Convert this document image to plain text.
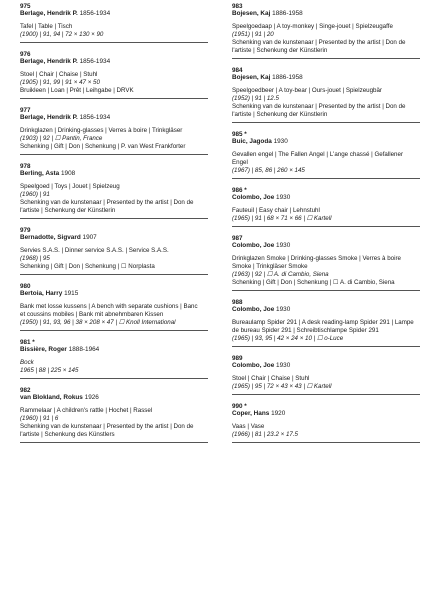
975
Berlage, Hendrik P. 1856-1934
Tafel | Table | Tisch
(1900) | 91, 94 | 72 × 130 × 90
976
Berlage, Hendrik P. 1856-1934
Stoel | Chair | Chaise | Stuhl
(1905) | 91, 99 | 91 × 47 × 50
Bruikleen | Loan | Prêt | Leihgabe | DRVK
977
Berlage, Hendrik P. 1856-1934
Drinkglazen | Drinking-glasses | Verres à boire | Trinkgläser
(1903) | 92 | ☐ Pantin, France
Schenking | Gift | Don | Schenkung | P. van West Frankforter
978
Berling, Asta 1908
Speelgoed | Toys | Jouet | Spielzeug
(1960) | 91
Schenking van de kunstenaar | Presented by the artist | Don de
l'artiste | Schenkung der Künstlerin
979
Bernadotte, Sigvard 1907
Servies S.A.S. | Dinner service S.A.S. | Service S.A.S.
(1968) | 95
Schenking | Gift | Don | Schenkung | ☐ Norplasta
980
Bertoia, Harry 1915
Bank met losse kussens | A bench with separate cushions | Banc
et coussins mobiles | Bank mit abnehmbaren Kissen
(1950) | 91, 93, 96 | 38 × 208 × 47 | ☐ Knoll International
981 *
Bissière, Roger 1888-1964
Bock
1965 | 88 | 225 × 145
982
van Blokland, Rokus 1926
Rammelaar | A children's rattle | Hochet | Rassel
(1960) | 91 | 6
Schenking van de kunstenaar | Presented by the artist | Don de
l'artiste | Schenkung des Künstlers
983
Bojesen, Kaj 1886-1958
Speelgoedaap | A toy-monkey | Singe-jouet | Spielzeugaffe
(1951) | 91 | 20
Schenking van de kunstenaar | Presented by the artist | Don de
l'artiste | Schenkung der Künstlerin
984
Bojesen, Kaj 1886-1958
Speelgoedbeer | A toy-bear | Ours-jouet | Spielzeugbär
(1952) | 91 | 12.5
Schenking van de kunstenaar | Presented by the artist | Don de
l'artiste | Schenkung der Künstlerin
985 *
Buic, Jagoda 1930
Gevallen engel | The Fallen Angel | L'ange chassé | Gefallener
Engel
(1967) | 85, 86 | 260 × 145
986 *
Colombo, Joe 1930
Fauteuil | Easy chair | Lehnstuhl
(1965) | 91 | 68 × 71 × 66 | ☐ Kartell
987
Colombo, Joe 1930
Drinkglazen Smoke | Drinking-glasses Smoke | Verres à boire
Smoke | Trinkgläser Smoke
(1963) | 92 | ☐ A. di Cambio, Siena
Schenking | Gift | Don | Schenkung | ☐ A. di Cambio, Siena
988
Colombo, Joe 1930
Bureaulamp Spider 291 | A desk reading-lamp Spider 291 | Lampe
de bureau Spider 291 | Schreibtischlampe Spider 291
(1965) | 93, 95 | 42 × 24 × 10 | ☐ o-Luce
989
Colombo, Joe 1930
Stoel | Chair | Chaise | Stuhl
(1965) | 95 | 72 × 43 × 43 | ☐ Kartell
990 *
Coper, Hans 1920
Vaas | Vase
(1966) | 81 | 23.2 × 17.5
